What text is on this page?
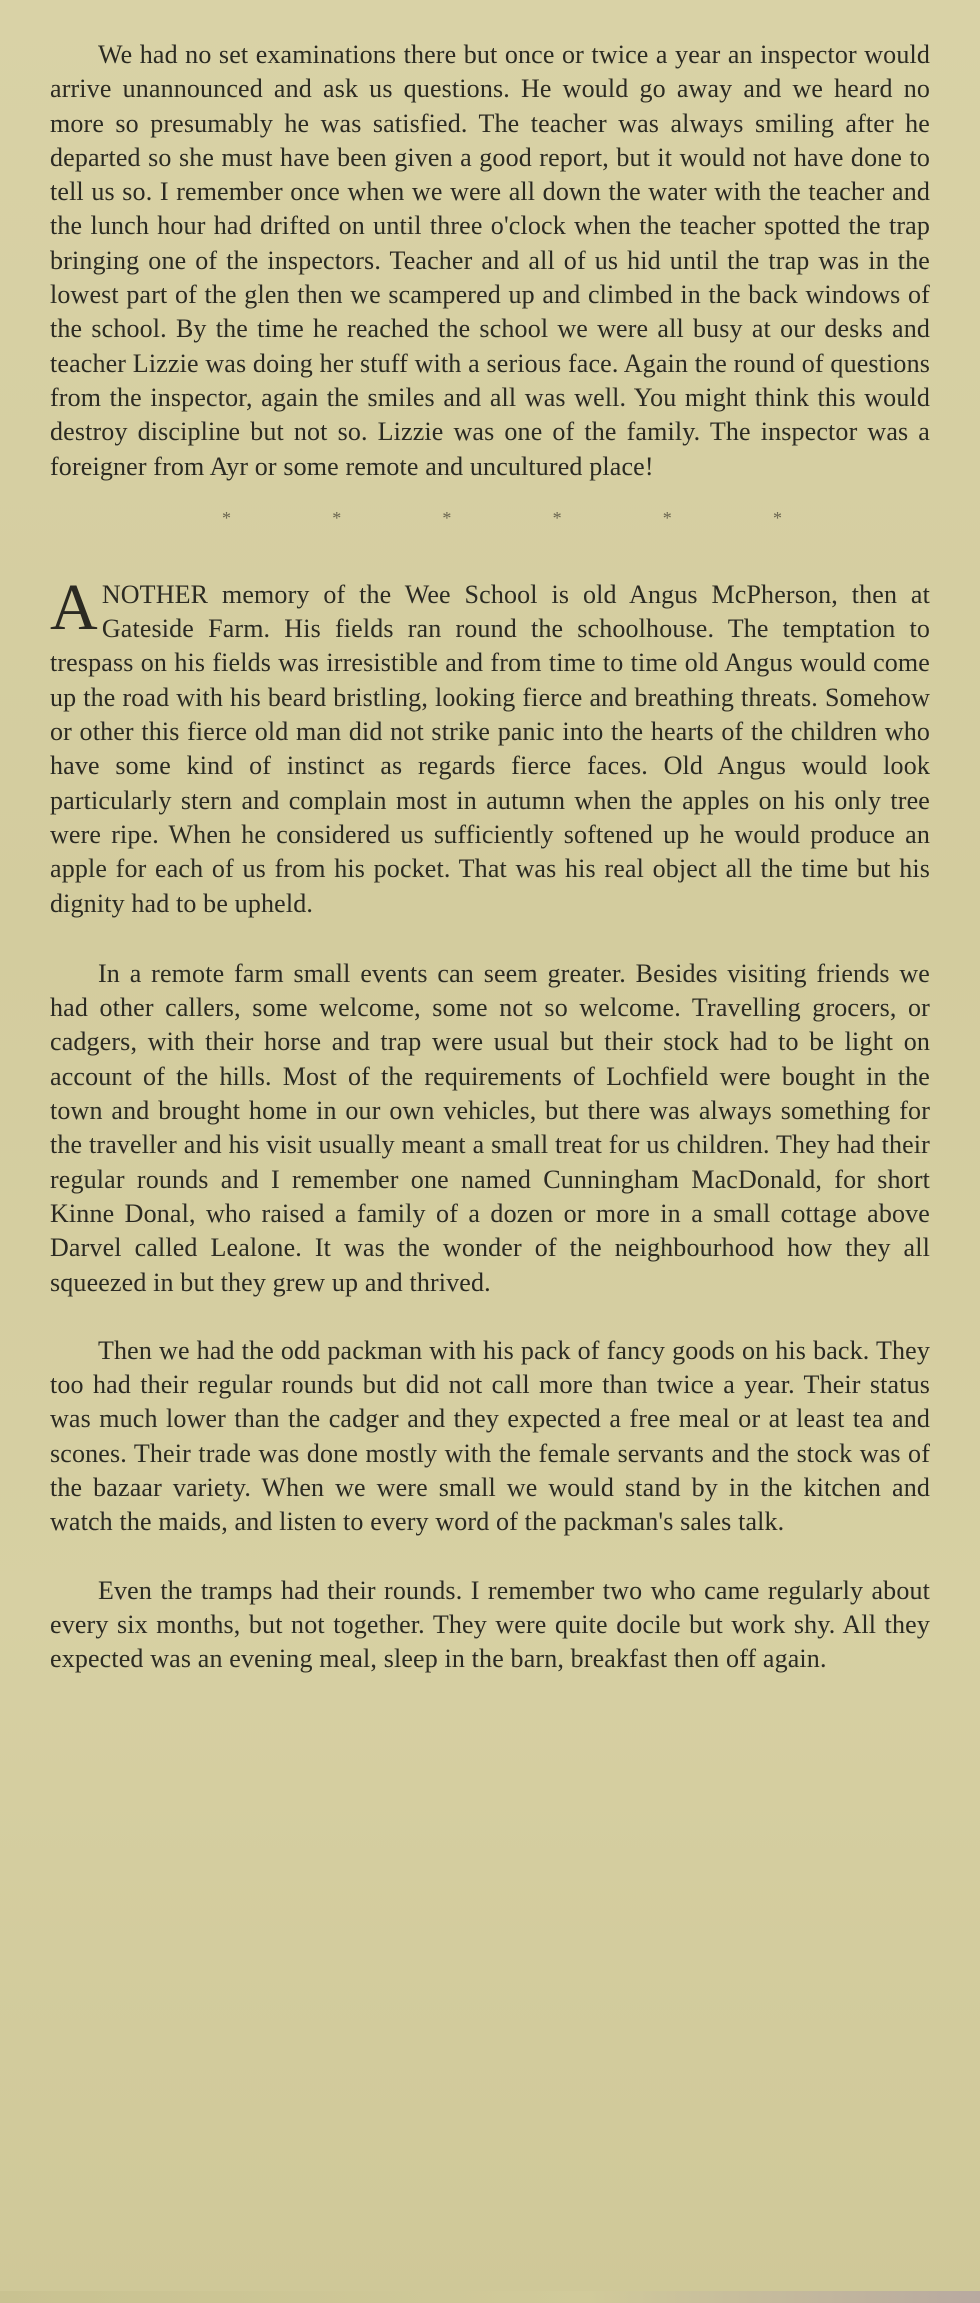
We had no set examinations there but once or twice a year an inspector would arrive unannounced and ask us questions. He would go away and we heard no more so presumably he was satisfied. The teacher was always smiling after he departed so she must have been given a good report, but it would not have done to tell us so. I remember once when we were all down the water with the teacher and the lunch hour had drifted on until three o'clock when the teacher spotted the trap bringing one of the inspectors. Teacher and all of us hid until the trap was in the lowest part of the glen then we scampered up and climbed in the back windows of the school. By the time he reached the school we were all busy at our desks and teacher Lizzie was doing her stuff with a serious face. Again the round of questions from the inspector, again the smiles and all was well. You might think this would destroy discipline but not so. Lizzie was one of the family. The inspector was a foreigner from Ayr or some remote and uncultured place!

*	*	*	*	*	*

ANOTHER memory of the Wee School is old Angus McPherson, then at Gateside Farm. His fields ran round the schoolhouse. The temptation to trespass on his fields was irresistible and from time to time old Angus would come up the road with his beard bristling, looking fierce and breathing threats. Somehow or other this fierce old man did not strike panic into the hearts of the children who have some kind of instinct as regards fierce faces. Old Angus would look particularly stern and complain most in autumn when the apples on his only tree were ripe. When he considered us sufficiently softened up he would produce an apple for each of us from his pocket. That was his real object all the time but his dignity had to be upheld.

In a remote farm small events can seem greater. Besides visiting friends we had other callers, some welcome, some not so welcome. Travelling grocers, or cadgers, with their horse and trap were usual but their stock had to be light on account of the hills. Most of the requirements of Lochfield were bought in the town and brought home in our own vehicles, but there was always something for the traveller and his visit usually meant a small treat for us children. They had their regular rounds and I remember one named Cunningham MacDonald, for short Kinne Donal, who raised a family of a dozen or more in a small cottage above Darvel called Lealone. It was the wonder of the neighbourhood how they all squeezed in but they grew up and thrived.

Then we had the odd packman with his pack of fancy goods on his back. They too had their regular rounds but did not call more than twice a year. Their status was much lower than the cadger and they expected a free meal or at least tea and scones. Their trade was done mostly with the female servants and the stock was of the bazaar variety. When we were small we would stand by in the kitchen and watch the maids, and listen to every word of the packman's sales talk.

Even the tramps had their rounds. I remember two who came regularly about every six months, but not together. They were quite docile but work shy. All they expected was an evening meal, sleep in the barn, breakfast then off again.
